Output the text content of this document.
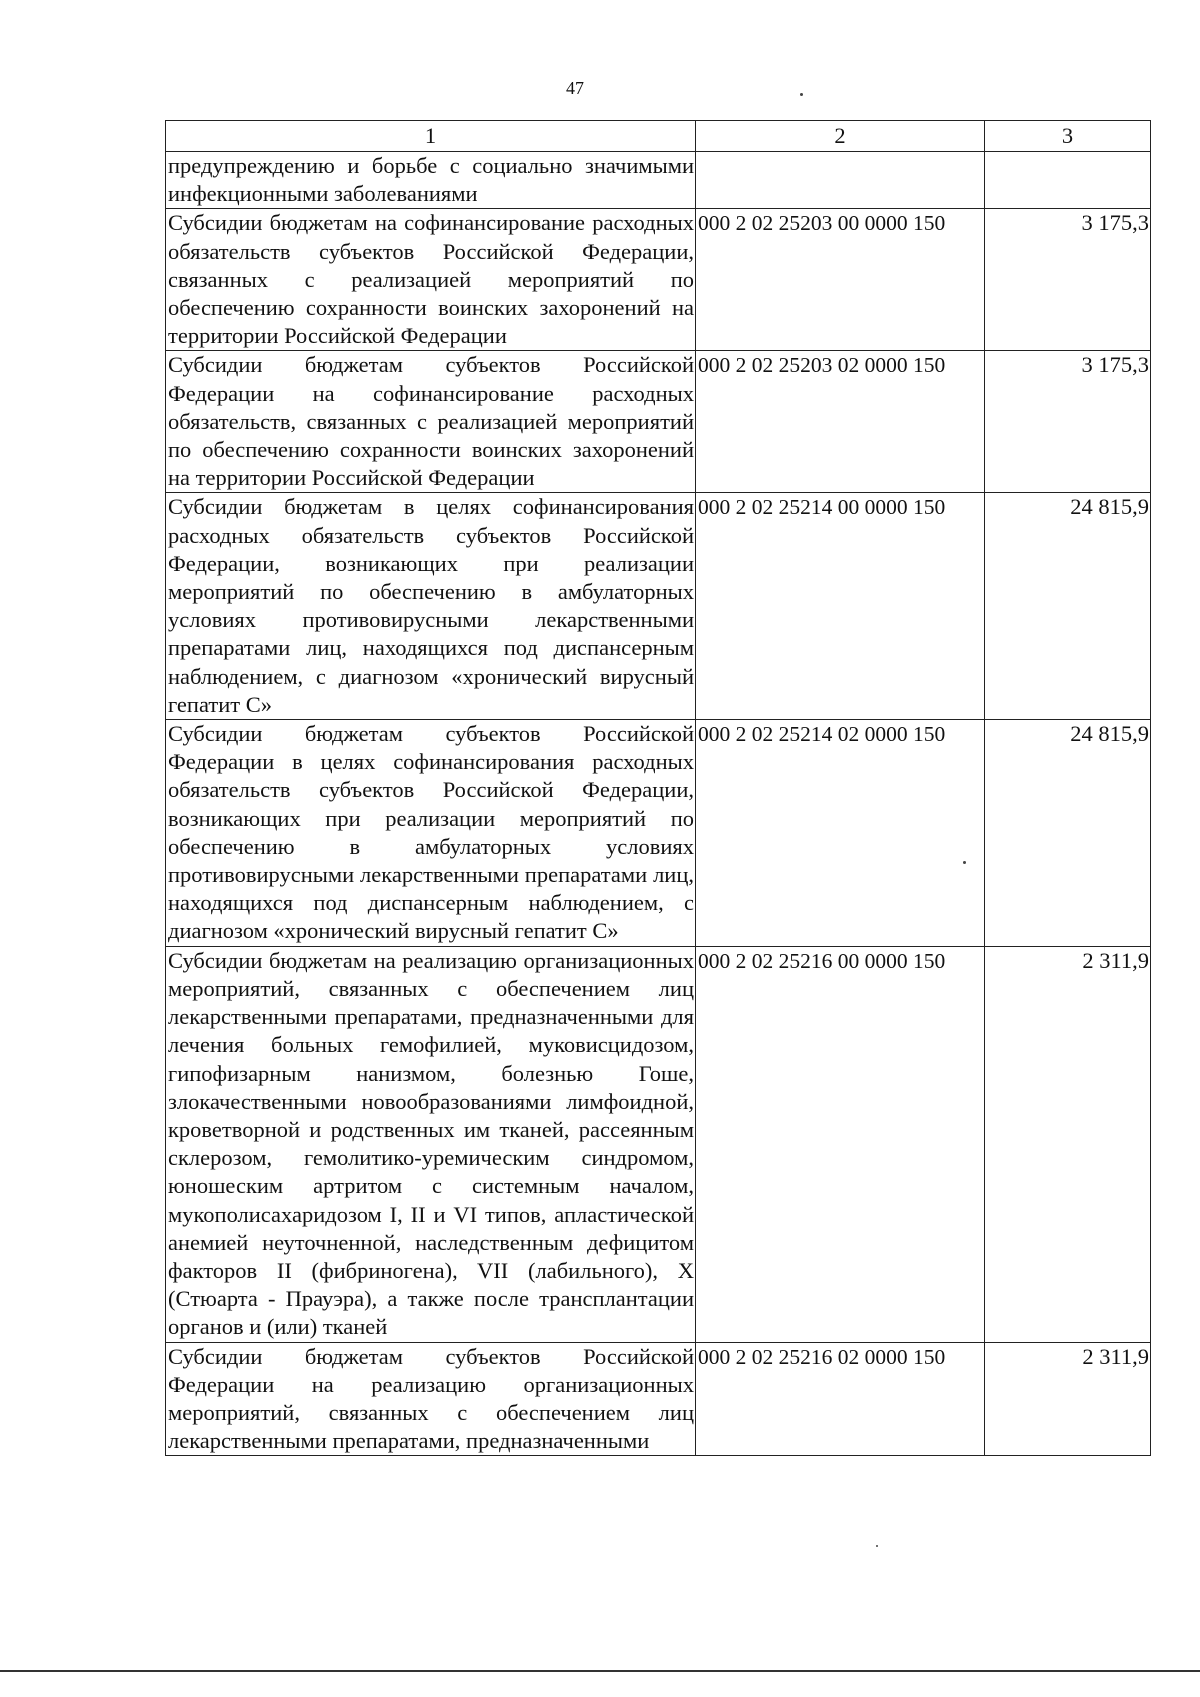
47
1	2	3
предупреждению и борьбе с социально значимыми инфекционными заболеваниями		
Субсидии бюджетам на софинансирование расходных обязательств субъектов Российской Федерации, связанных с реализацией мероприятий по обеспечению сохранности воинских захоронений на территории Российской Федерации	000 2 02 25203 00 0000 150	3 175,3
Субсидии бюджетам субъектов Российской Федерации на софинансирование расходных обязательств, связанных с реализацией мероприятий по обеспечению сохранности воинских захоронений на территории Российской Федерации	000 2 02 25203 02 0000 150	3 175,3
Субсидии бюджетам в целях софинансирования расходных обязательств субъектов Российской Федерации, возникающих при реализации мероприятий по обеспечению в амбулаторных условиях противовирусными лекарственными препаратами лиц, находящихся под диспансерным наблюдением, с диагнозом «хронический вирусный гепатит С»	000 2 02 25214 00 0000 150	24 815,9
Субсидии бюджетам субъектов Российской Федерации в целях софинансирования расходных обязательств субъектов Российской Федерации, возникающих при реализации мероприятий по обеспечению в амбулаторных условиях противовирусными лекарственными препаратами лиц, находящихся под диспансерным наблюдением, с диагнозом «хронический вирусный гепатит С»	000 2 02 25214 02 0000 150	24 815,9
Субсидии бюджетам на реализацию организационных мероприятий, связанных с обеспечением лиц лекарственными препаратами, предназначенными для лечения больных гемофилией, муковисцидозом, гипофизарным нанизмом, болезнью Гоше, злокачественными новообразованиями лимфоидной, кроветворной и родственных им тканей, рассеянным склерозом, гемолитико-уремическим синдромом, юношеским артритом с системным началом, мукополисахаридозом I, II и VI типов, апластической анемией неуточненной, наследственным дефицитом факторов II (фибриногена), VII (лабильного), X (Стюарта - Прауэра), а также после трансплантации органов и (или) тканей	000 2 02 25216 00 0000 150	2 311,9
Субсидии бюджетам субъектов Российской Федерации на реализацию организационных мероприятий, связанных с обеспечением лиц лекарственными препаратами, предназначенными	000 2 02 25216 02 0000 150	2 311,9
